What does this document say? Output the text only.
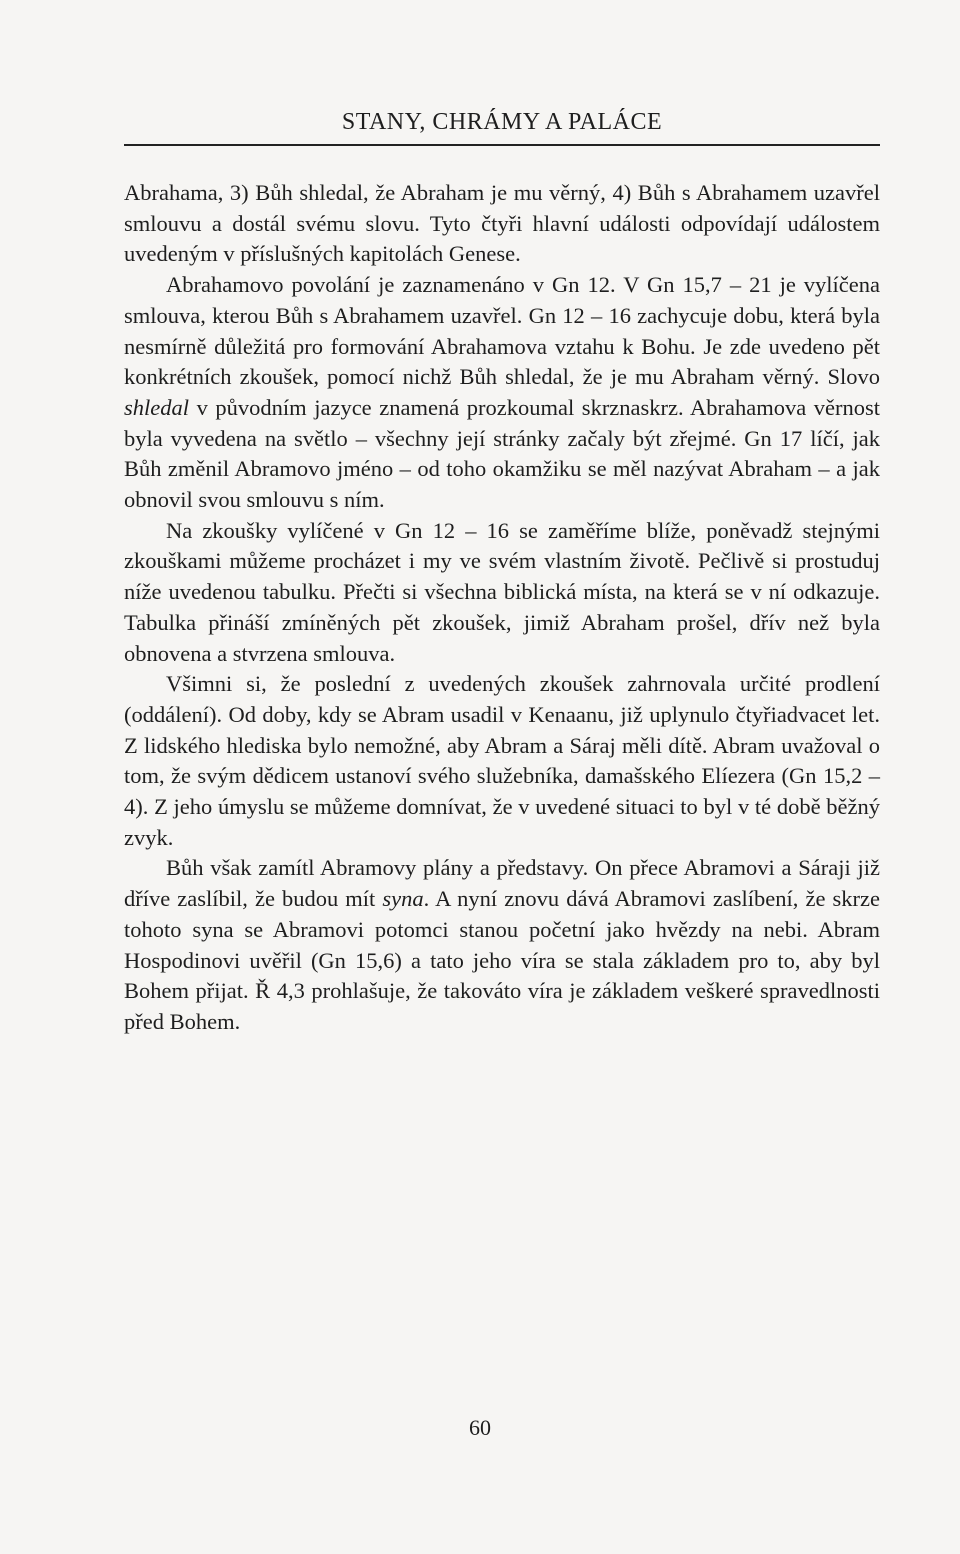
STANY, CHRÁMY A PALÁCE

Abrahama, 3) Bůh shledal, že Abraham je mu věrný, 4) Bůh s Abrahamem uzavřel smlouvu a dostál svému slovu. Tyto čtyři hlavní události odpovídají událostem uvedeným v příslušných kapitolách Genese.

Abrahamovo povolání je zaznamenáno v Gn 12. V Gn 15,7 – 21 je vylíčena smlouva, kterou Bůh s Abrahamem uzavřel. Gn 12 – 16 zachycuje dobu, která byla nesmírně důležitá pro formování Abrahamova vztahu k Bohu. Je zde uvedeno pět konkrétních zkoušek, pomocí nichž Bůh shledal, že je mu Abraham věrný. Slovo shledal v původním jazyce znamená prozkoumal skrznaskrz. Abrahamova věrnost byla vyvedena na světlo – všechny její stránky začaly být zřejmé. Gn 17 líčí, jak Bůh změnil Abramovo jméno – od toho okamžiku se měl nazývat Abraham – a jak obnovil svou smlouvu s ním.

Na zkoušky vylíčené v Gn 12 – 16 se zaměříme blíže, poněvadž stejnými zkouškami můžeme procházet i my ve svém vlastním životě. Pečlivě si prostuduj níže uvedenou tabulku. Přečti si všechna biblická místa, na která se v ní odkazuje. Tabulka přináší zmíněných pět zkoušek, jimiž Abraham prošel, dřív než byla obnovena a stvrzena smlouva.

Všimni si, že poslední z uvedených zkoušek zahrnovala určité prodlení (oddálení). Od doby, kdy se Abram usadil v Kenaanu, již uplynulo čtyřiadvacet let. Z lidského hlediska bylo nemožné, aby Abram a Sáraj měli dítě. Abram uvažoval o tom, že svým dědicem ustanoví svého služebníka, damašského Elíezera (Gn 15,2 – 4). Z jeho úmyslu se můžeme domnívat, že v uvedené situaci to byl v té době běžný zvyk.

Bůh však zamítl Abramovy plány a představy. On přece Abramovi a Sáraji již dříve zaslíbil, že budou mít syna. A nyní znovu dává Abramovi zaslíbení, že skrze tohoto syna se Abramovi potomci stanou početní jako hvězdy na nebi. Abram Hospodinovi uvěřil (Gn 15,6) a tato jeho víra se stala základem pro to, aby byl Bohem přijat. Ř 4,3 prohlašuje, že takováto víra je základem veškeré spravedlnosti před Bohem.

60
